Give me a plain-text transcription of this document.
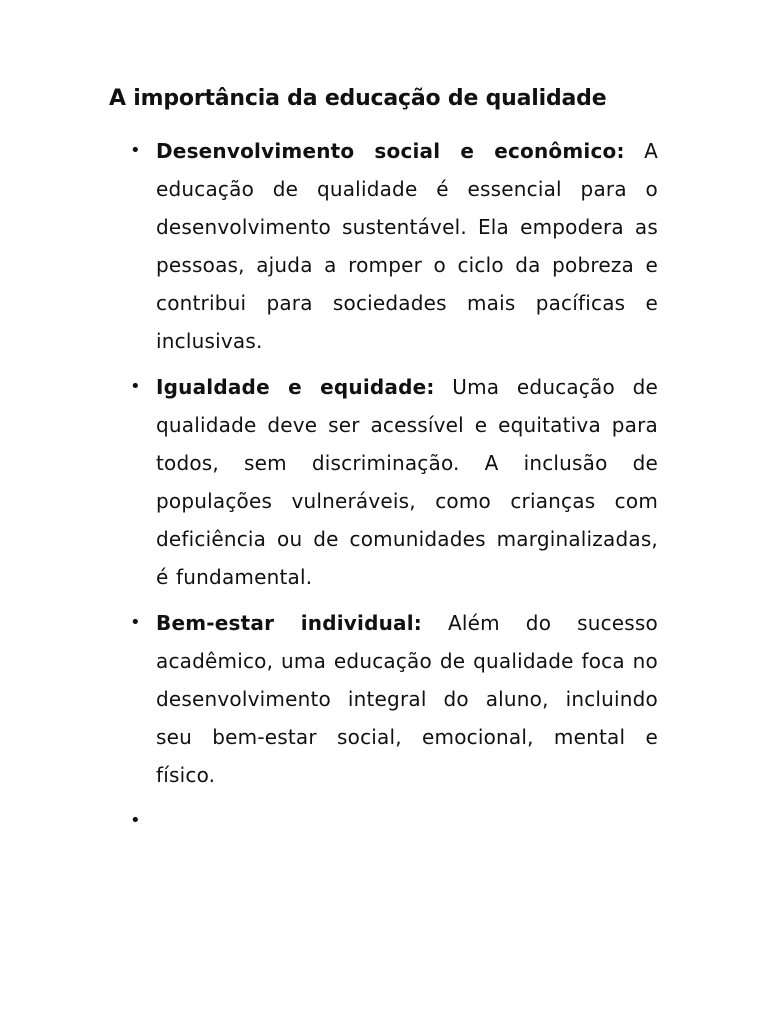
A importância da educação de qualidade
• Desenvolvimento social e econômico: A educação de qualidade é essencial para o desenvolvimento sustentável. Ela empodera as pessoas, ajuda a romper o ciclo da pobreza e contribui para sociedades mais pacíficas e inclusivas.
• Igualdade e equidade: Uma educação de qualidade deve ser acessível e equitativa para todos, sem discriminação. A inclusão de populações vulneráveis, como crianças com deficiência ou de comunidades marginalizadas, é fundamental.
• Bem-estar individual: Além do sucesso acadêmico, uma educação de qualidade foca no desenvolvimento integral do aluno, incluindo seu bem-estar social, emocional, mental e físico.
•
